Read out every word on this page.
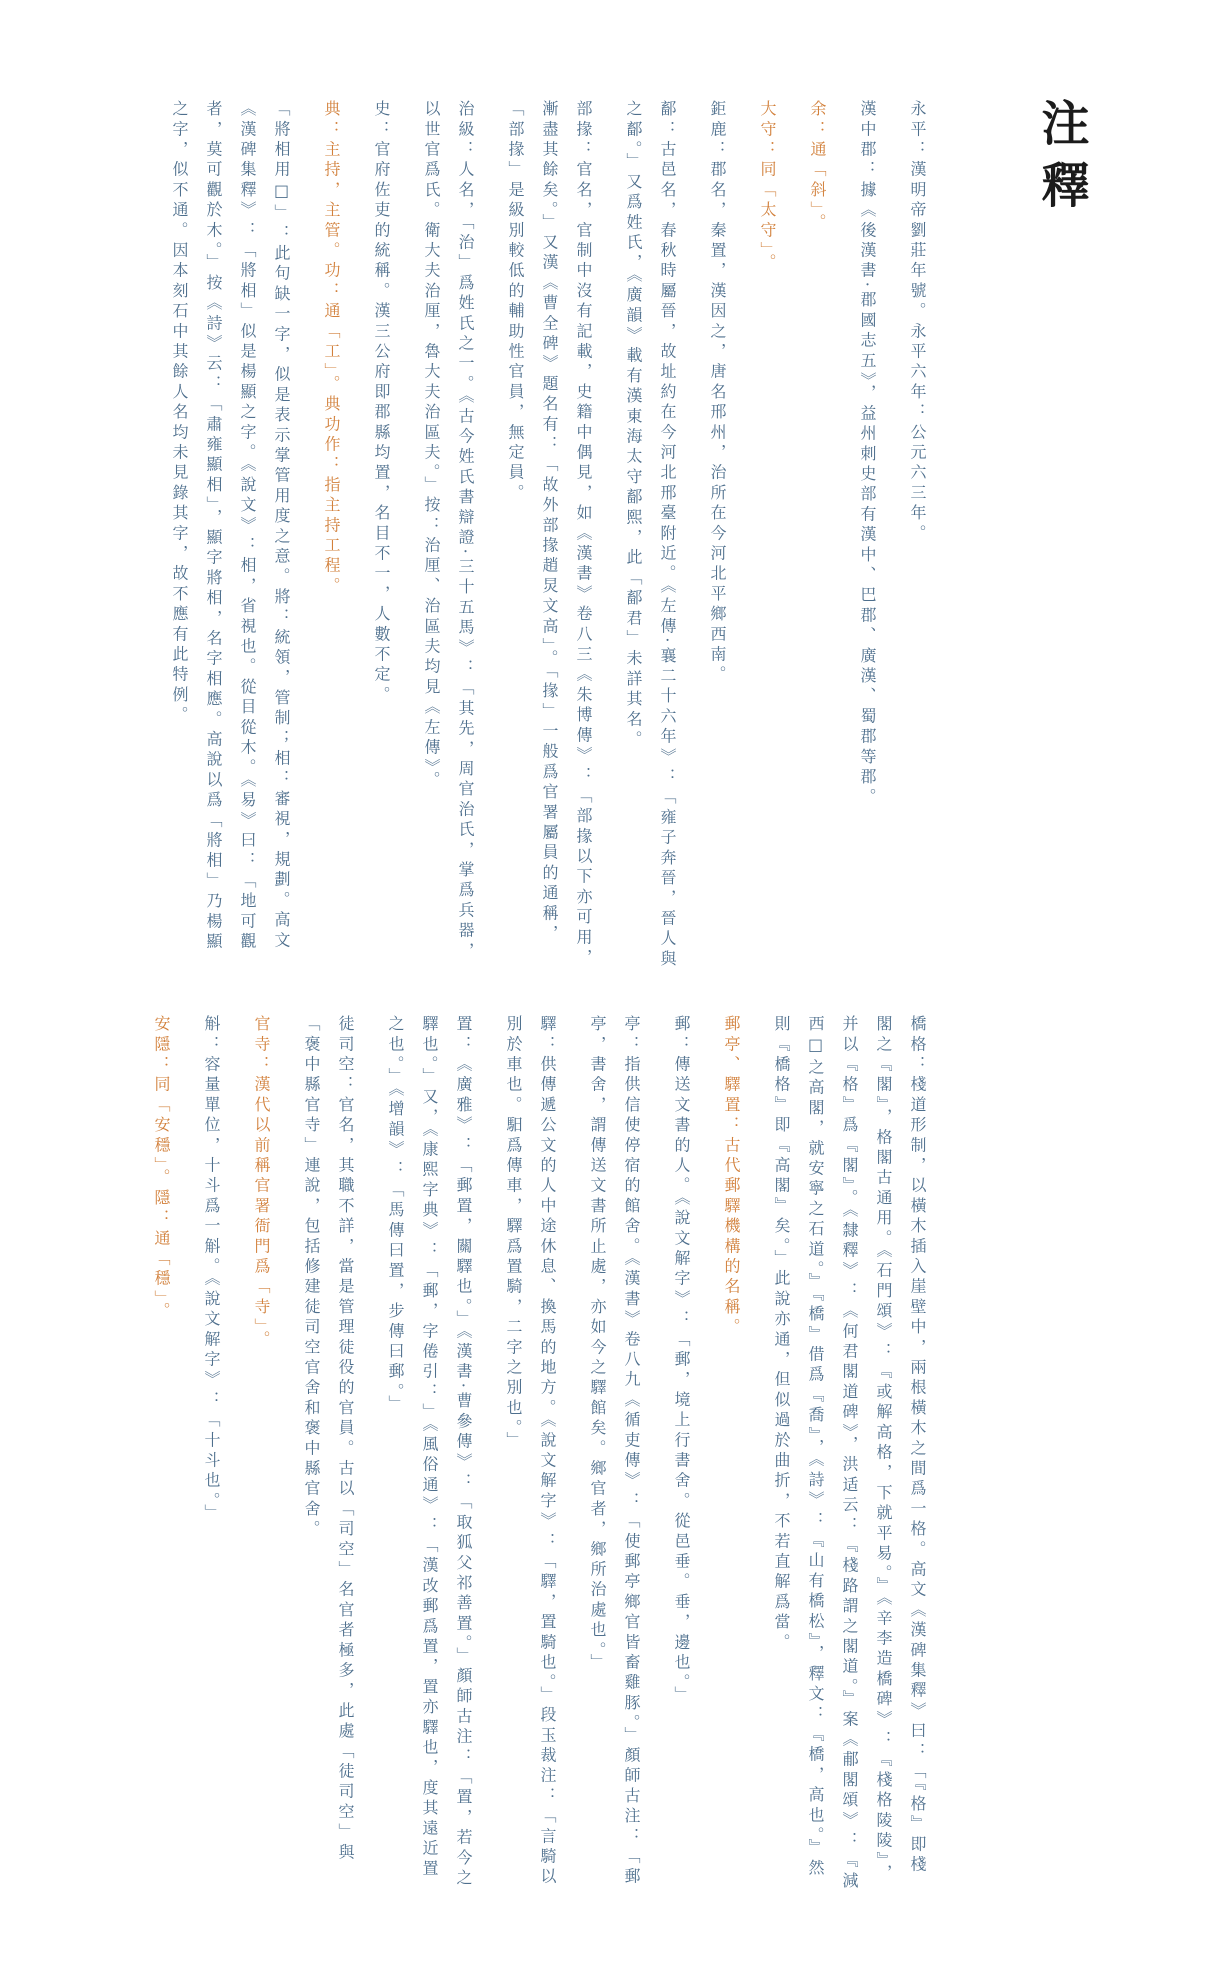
注釋

永平：漢明帝劉莊年號。永平六年：公元六三年。

漢中郡：據《後漢書·郡國志五》，益州刺史部有漢中、巴郡、廣漢、蜀郡等郡。

余：通「斜」。

大守：同「太守」。

鉅鹿：郡名，秦置，漢因之，唐名邢州，治所在今河北平鄉西南。

鄐：古邑名，春秋時屬晉，故址約在今河北邢臺附近。《左傳·襄二十六年》：「雍子奔晉，晉人與之鄐。」又爲姓氏，《廣韻》載有漢東海太守鄐熙，此「鄐君」未詳其名。

部掾：官名，官制中沒有記載，史籍中偶見，如《漢書》卷八三《朱博傳》：「部掾以下亦可用，漸盡其餘矣。」又漢《曹全碑》題名有：「故外部掾趙炅文高」。「掾」一般爲官署屬員的通稱，「部掾」是級別較低的輔助性官員，無定員。

治級：人名，「治」爲姓氏之一。《古今姓氏書辯證·三十五馬》：「其先，周官治氏，掌爲兵器，以世官爲氏。衛大夫治厘，魯大夫治區夫。」按：治厘、治區夫均見《左傳》。

史：官府佐吏的統稱。漢三公府即郡縣均置，名目不一，人數不定。

典：主持，主管。功：通「工」。典功作：指主持工程。

「將相用□」：此句缺一字，似是表示掌管用度之意。將：統領，管制；相：審視，規劃。高文《漢碑集釋》：「將相」似是楊顯之字。《說文》：相，省視也。從目從木。《易》曰：「地可觀者，莫可觀於木。」按《詩》云：「肅雍顯相」，顯字將相，名字相應。高說以爲「將相」乃楊顯之字，似不通。因本刻石中其餘人名均未見錄其字，故不應有此特例。

橋格：棧道形制，以橫木插入崖壁中，兩根橫木之間爲一格。高文《漢碑集釋》曰：「『格』即棧閣之『閣』，格閣古通用。《石門頌》：『或解高格，下就平易。』《辛李造橋碑》：『棧格陵陵』，并以『格』爲『閣』。《隸釋》：《何君閣道碑》，洪适云：『棧路謂之閣道。』案《郙閣頌》：『減西□之高閣，就安寧之石道。』『橋』借爲『喬』，《詩》：『山有橋松』，釋文：『橋，高也。』然則『橋格』即『高閣』矣。」此說亦通，但似過於曲折，不若直解爲當。

郵亭、驛置：古代郵驛機構的名稱。

郵：傳送文書的人。《說文解字》：「郵，境上行書舍。從邑垂。垂，邊也。」

亭：指供信使停宿的館舍。《漢書》卷八九《循吏傳》：「使郵亭鄉官皆畜雞豚。」顏師古注：「郵亭，書舍，謂傳送文書所止處，亦如今之驛館矣。鄉官者，鄉所治處也。」

驛：供傳遞公文的人中途休息、換馬的地方。《說文解字》：「驛，置騎也。」段玉裁注：「言騎以別於車也。馹爲傳車，驛爲置騎，二字之別也。」

置：《廣雅》：「郵置，關驛也。」《漢書·曹參傳》：「取狐父祁善置。」顏師古注：「置，若今之驛也。」又，《康熙字典》：「郵，字倦引：」《風俗通》：「漢改郵爲置，置亦驛也，度其遠近置之也。」《增韻》：「馬傳曰置，步傳曰郵。」

徒司空：官名，其職不詳，當是管理徒役的官員。古以「司空」名官者極多，此處「徒司空」與「褒中縣官寺」連說，包括修建徒司空官舍和褒中縣官舍。

官寺：漢代以前稱官署衙門爲「寺」。

斛：容量單位，十斗爲一斛。《說文解字》：「十斗也。」

安隱：同「安穩」。隱：通「穩」。
